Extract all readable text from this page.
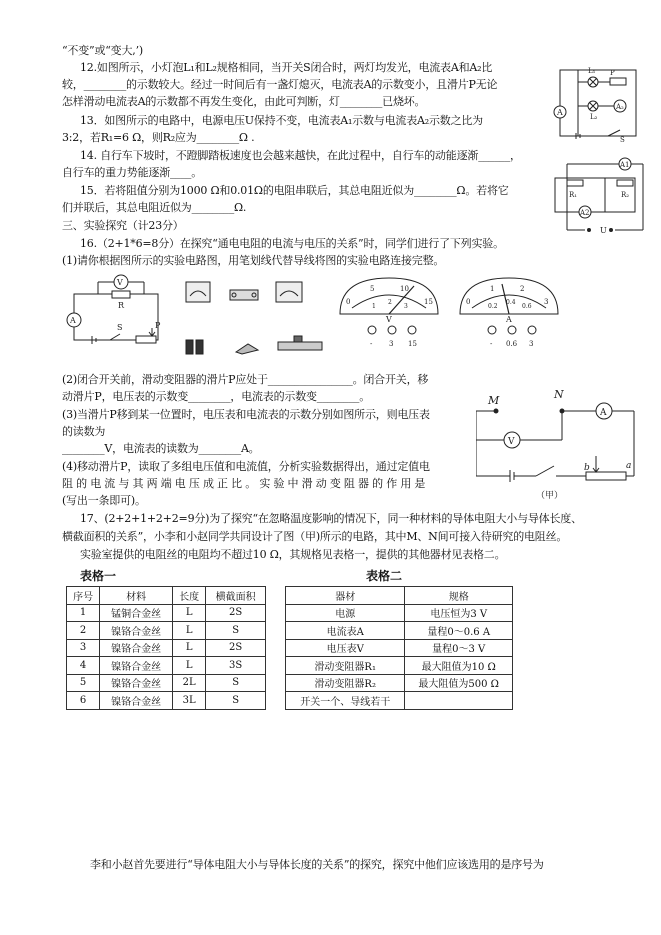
“不变”或“变大,’)
12.如图所示，小灯泡L₁和L₂规格相同，当开关S闭合时，两灯均发光，电流表A和A₂比
较，________的示数较大。经过一时间后有一盏灯熄灭，电流表A的示数变小，且滑片P无论
怎样滑动电流表A的示数都不再发生变化，由此可判断，灯________已烧坏。
13．如图所示的电路中，电源电压U保持不变，电流表A₁示数与电流表A₂示数之比为
3:2，若R₁=6 Ω，则R₂应为________Ω .
14. 自行车下坡时，不蹬脚踏板速度也会越来越快，在此过程中，自行车的动能逐渐______，
自行车的重力势能逐渐____。
15．若将阻值分别为1000 Ω和0.01Ω的电阻串联后，其总电阻近似为________Ω。若将它
们并联后，其总电阻近似为________Ω.
三、实验探究（计23分）
16.（2+1*6=8分）在探究“通电电阻的电流与电压的关系”时，同学们进行了下列实验。
(1)请你根据图所示的实验电路图，用笔划线代替导线将图的实验电路连接完整。
(2)闭合开关前，滑动变阻器的滑片P应处于________________。闭合开关，移
动滑片P，电压表的示数变________，电流表的示数变________。
(3)当滑片P移到某一位置时，电压表和电流表的示数分别如图所示，则电压表
的读数为
________V，电流表的读数为________A。
(4)移动滑片P，读取了多组电压值和电流值，分析实验数据得出，通过定值电
阻 的 电 流 与 其 两 端 电 压 成 正 比 。 实 验 中 滑 动 变 阻 器 的 作 用 是
(写出一条即可)。
17、(2+2+1+2+2=9分)为了探究“在忽略温度影响的情况下，同一种材料的导体电阻大小与导体长度、
横截面积的关系”，小李和小赵同学共同设计了图（甲)所示的电路，其中M、N间可接入待研究的电阻丝。
实验室提供的电阻丝的电阻均不超过10 Ω，其规格见表格一，提供的其他器材见表格二。
李和小赵首先要进行“导体电阻大小与导体长度的关系”的探究，探究中他们应该选用的是序号为
A
L₁ P
L₂
A₂
S
A1
R₁	R₂
A2
U
A
V
R
S	P
0
5	10
15
1
2
3
V
- 3 15
0
1	2
3
0.2
0.4
0.6
A
- 0.6 3
M	N
A
V
b	a
（甲）
表格一
序号	材料	长度	横截面积
1	锰铜合金丝	L	2S
2	镍铬合金丝	L	S
3	镍铬合金丝	L	2S
4	镍铬合金丝	L	3S
5	镍铬合金丝	2L	S
6	镍铬合金丝	3L	S
表格二
器材	规格
电源	电压恒为3 V
电流表A	量程0～0.6 A
电压表V	量程0～3 V
滑动变阻器R₁	最大阻值为10 Ω
滑动变阻器R₂	最大阻值为500 Ω
开关一个、导线若干	
